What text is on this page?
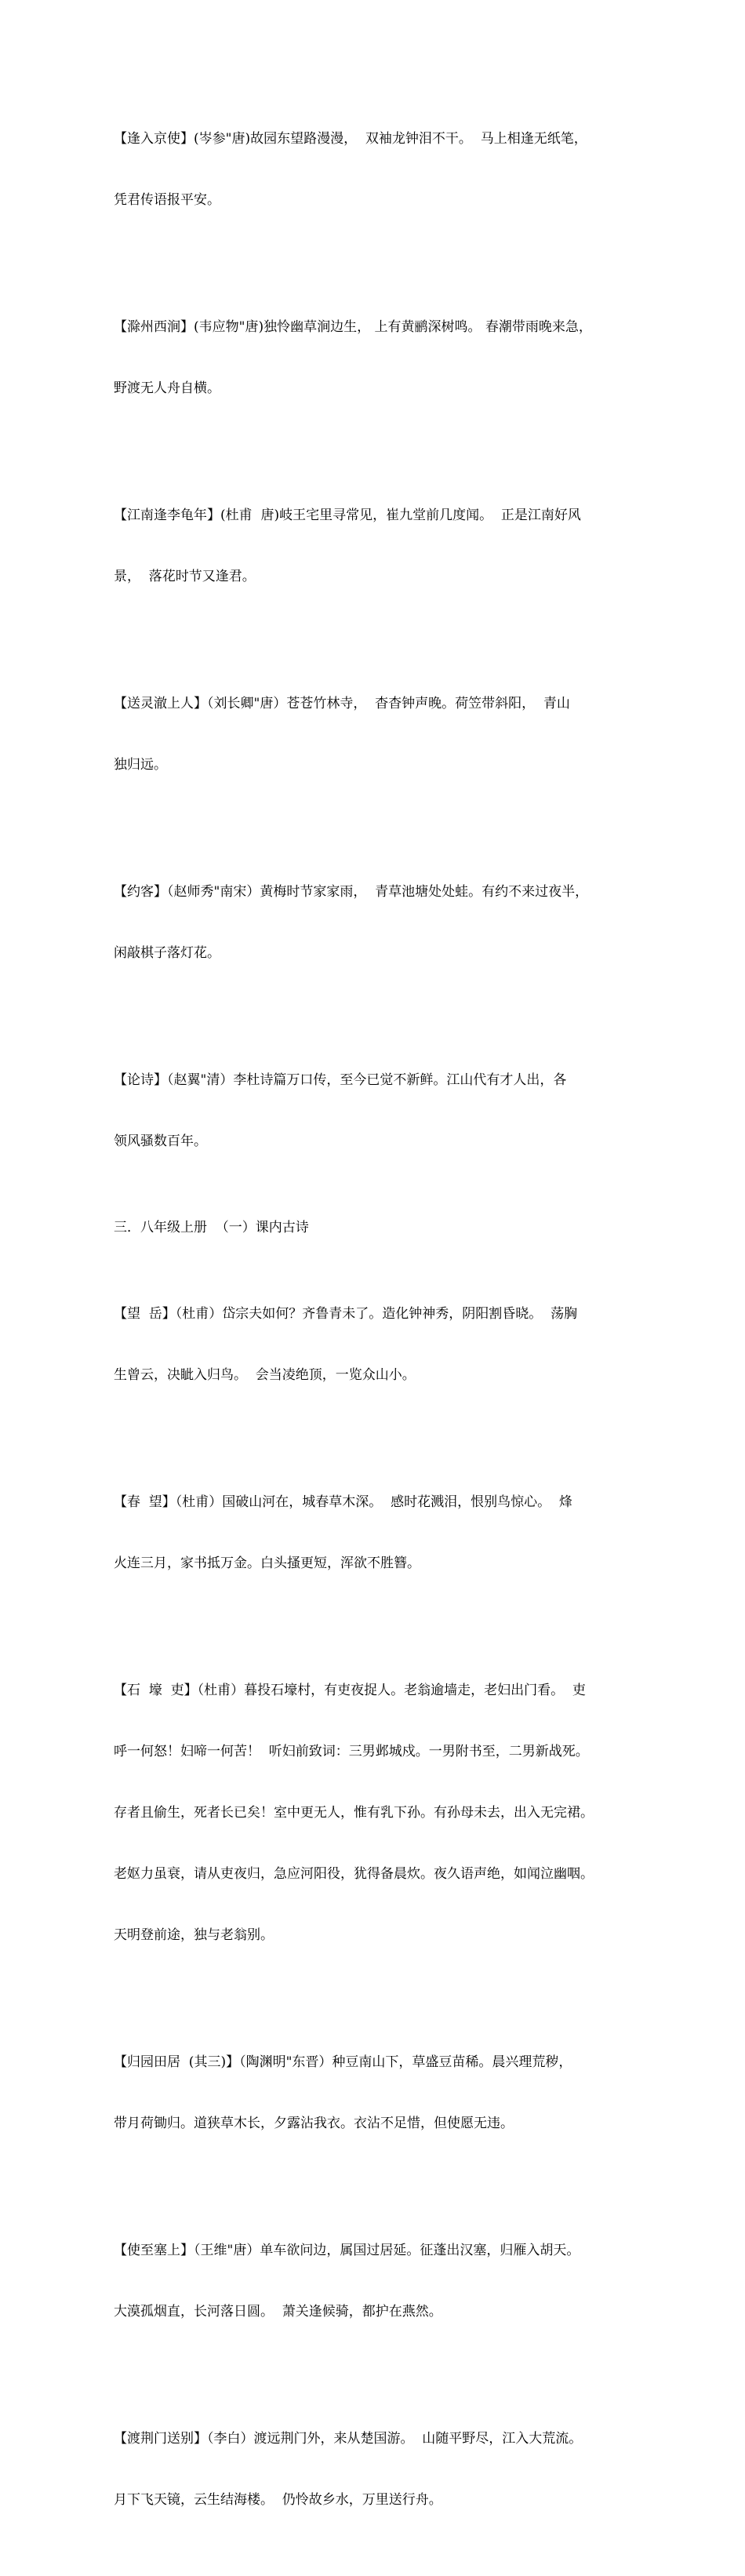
【逢入京使】(岑参"唐)故园东望路漫漫，  双袖龙钟泪不干。  马上相逢无纸笔，

凭君传语报平安。

【滁州西涧】(韦应物"唐)独怜幽草涧边生， 上有黄鹂深树鸣。 春潮带雨晚来急，

野渡无人舟自横。

【江南逢李龟年】(杜甫  唐)岐王宅里寻常见，崔九堂前几度闻。  正是江南好风

景，  落花时节又逢君。

【送灵澈上人】（刘长卿"唐）苍苍竹林寺，  杳杳钟声晚。荷笠带斜阳，  青山

独归远。

【约客】（赵师秀"南宋）黄梅时节家家雨，  青草池塘处处蛙。有约不来过夜半，

闲敲棋子落灯花。

【论诗】（赵翼"清）李杜诗篇万口传，至今已觉不新鲜。江山代有才人出，各

领风骚数百年。

三．八年级上册  （一）课内古诗

【望  岳】（杜甫）岱宗夫如何？齐鲁青未了。造化钟神秀，阴阳割昏晓。  荡胸

生曾云，决眦入归鸟。  会当凌绝顶，一览众山小。

【春  望】（杜甫）国破山河在，城春草木深。  感时花溅泪，恨别鸟惊心。  烽

火连三月，家书抵万金。白头搔更短，浑欲不胜簪。

【石  壕  吏】（杜甫）暮投石壕村，有吏夜捉人。老翁逾墙走，老妇出门看。  吏

呼一何怒！妇啼一何苦！  听妇前致词：三男邺城戍。一男附书至，二男新战死。

存者且偷生，死者长已矣！室中更无人，惟有乳下孙。有孙母未去，出入无完裙。

老妪力虽衰，请从吏夜归，急应河阳役，犹得备晨炊。夜久语声绝，如闻泣幽咽。

天明登前途，独与老翁别。

【归园田居  (其三)】（陶渊明"东晋）种豆南山下，草盛豆苗稀。晨兴理荒秽，

带月荷锄归。道狭草木长，夕露沾我衣。衣沾不足惜，但使愿无违。

【使至塞上】（王维"唐）单车欲问边，属国过居延。征蓬出汉塞，归雁入胡天。

大漠孤烟直，长河落日圆。  萧关逢候骑，都护在燕然。

【渡荆门送别】（李白）渡远荆门外，来从楚国游。  山随平野尽，江入大荒流。

月下飞天镜，云生结海楼。  仍怜故乡水，万里送行舟。
